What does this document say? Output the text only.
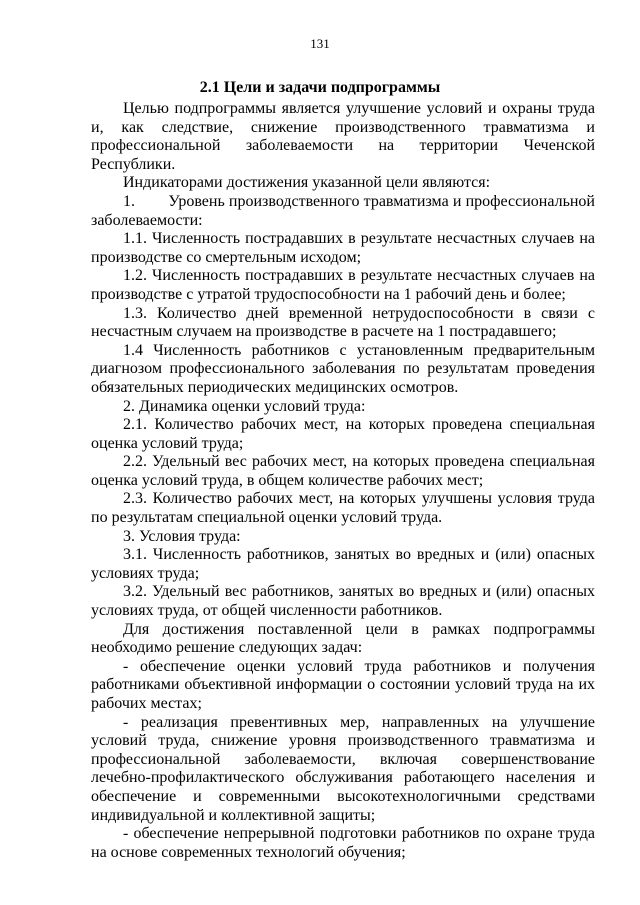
131
2.1 Цели и задачи подпрограммы

Целью подпрограммы является улучшение условий и охраны труда и, как следствие, снижение производственного травматизма и профессиональной заболеваемости на территории Чеченской Республики.

Индикаторами достижения указанной цели являются:

1.        Уровень производственного травматизма и профессиональной заболеваемости:

1.1. Численность пострадавших в результате несчастных случаев на производстве со смертельным исходом;

1.2. Численность пострадавших в результате несчастных случаев на производстве с утратой трудоспособности на 1 рабочий день и более;

1.3. Количество дней временной нетрудоспособности в связи с несчастным случаем на производстве в расчете на 1 пострадавшего;

1.4 Численность работников с установленным предварительным диагнозом профессионального заболевания по результатам проведения обязательных периодических медицинских осмотров.

2. Динамика оценки условий труда:

2.1. Количество рабочих мест, на которых проведена специальная оценка условий труда;

2.2. Удельный вес рабочих мест, на которых проведена специальная оценка условий труда, в общем количестве рабочих мест;

2.3. Количество рабочих мест, на которых улучшены условия труда по результатам специальной оценки условий труда.

3. Условия труда:

3.1. Численность работников, занятых во вредных и (или) опасных условиях труда;

3.2. Удельный вес работников, занятых во вредных и (или) опасных условиях труда, от общей численности работников.

Для достижения поставленной цели в рамках подпрограммы необходимо решение следующих задач:

- обеспечение оценки условий труда работников и получения работниками объективной информации о состоянии условий труда на их рабочих местах;

- реализация превентивных мер, направленных на улучшение условий труда, снижение уровня производственного травматизма и профессиональной заболеваемости, включая совершенствование лечебно-профилактического обслуживания работающего населения и обеспечение и современными высокотехнологичными средствами индивидуальной и коллективной защиты;

- обеспечение непрерывной подготовки работников по охране труда на основе современных технологий обучения;
